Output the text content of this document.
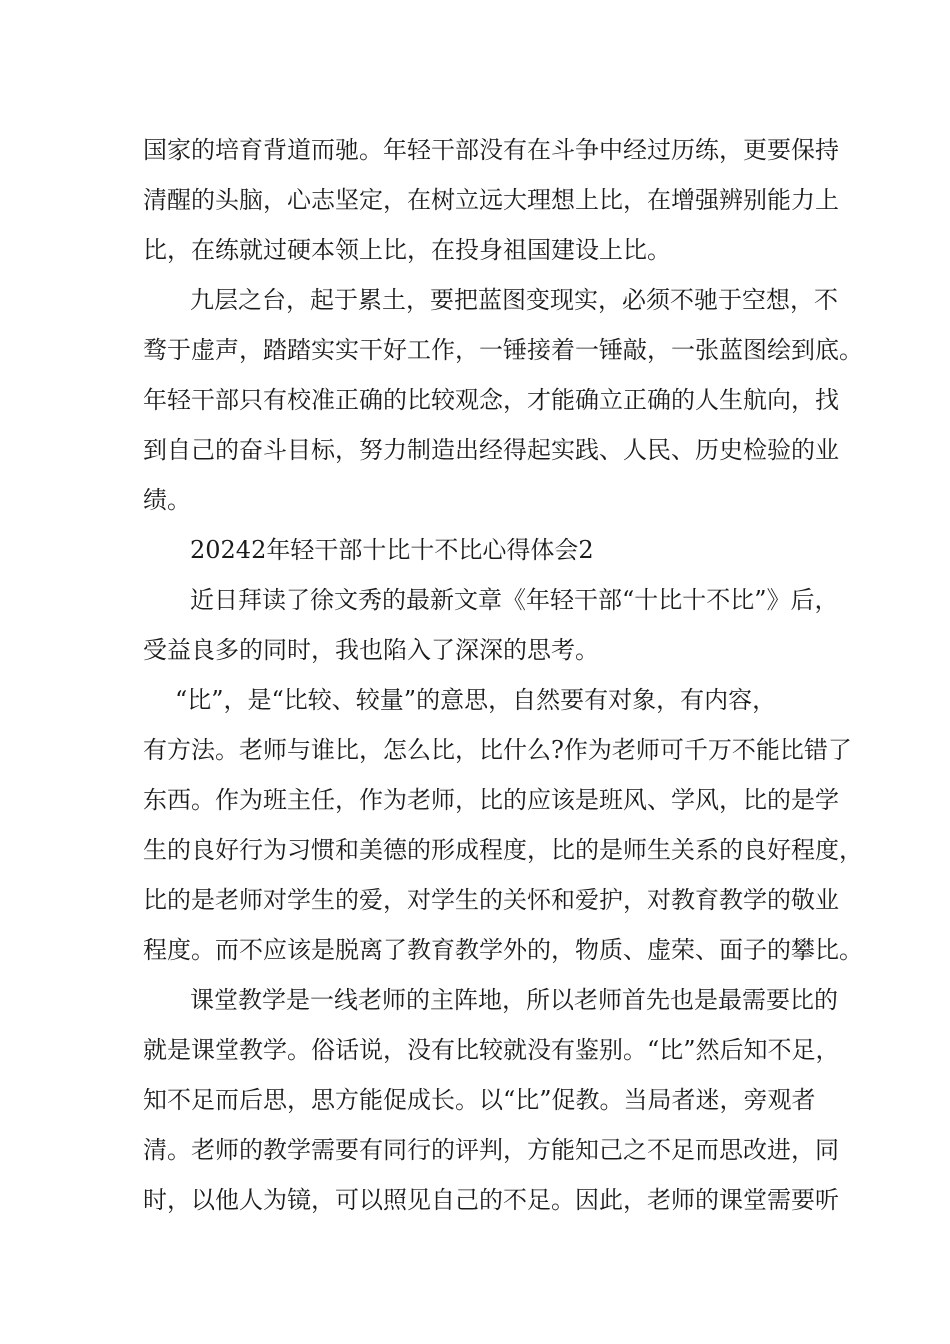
国家的培育背道而驰。年轻干部没有在斗争中经过历练，更要保持
清醒的头脑，心志坚定，在树立远大理想上比，在增强辨别能力上
比，在练就过硬本领上比，在投身祖国建设上比。
九层之台，起于累土，要把蓝图变现实，必须不驰于空想，不
骛于虚声，踏踏实实干好工作，一锤接着一锤敲，一张蓝图绘到底。
年轻干部只有校准正确的比较观念，才能确立正确的人生航向，找
到自己的奋斗目标，努力制造出经得起实践、人民、历史检验的业
绩。
20242年轻干部十比十不比心得体会2
近日拜读了徐文秀的最新文章《年轻干部“十比十不比”》后，
受益良多的同时，我也陷入了深深的思考。
“比”，是“比较、较量”的意思，自然要有对象，有内容，
有方法。老师与谁比，怎么比，比什么?作为老师可千万不能比错了
东西。作为班主任，作为老师，比的应该是班风、学风，比的是学
生的良好行为习惯和美德的形成程度，比的是师生关系的良好程度，
比的是老师对学生的爱，对学生的关怀和爱护，对教育教学的敬业
程度。而不应该是脱离了教育教学外的，物质、虚荣、面子的攀比。
课堂教学是一线老师的主阵地，所以老师首先也是最需要比的
就是课堂教学。俗话说，没有比较就没有鉴别。“比”然后知不足，
知不足而后思，思方能促成长。以“比”促教。当局者迷，旁观者
清。老师的教学需要有同行的评判，方能知己之不足而思改进，同
时，以他人为镜，可以照见自己的不足。因此，老师的课堂需要听
